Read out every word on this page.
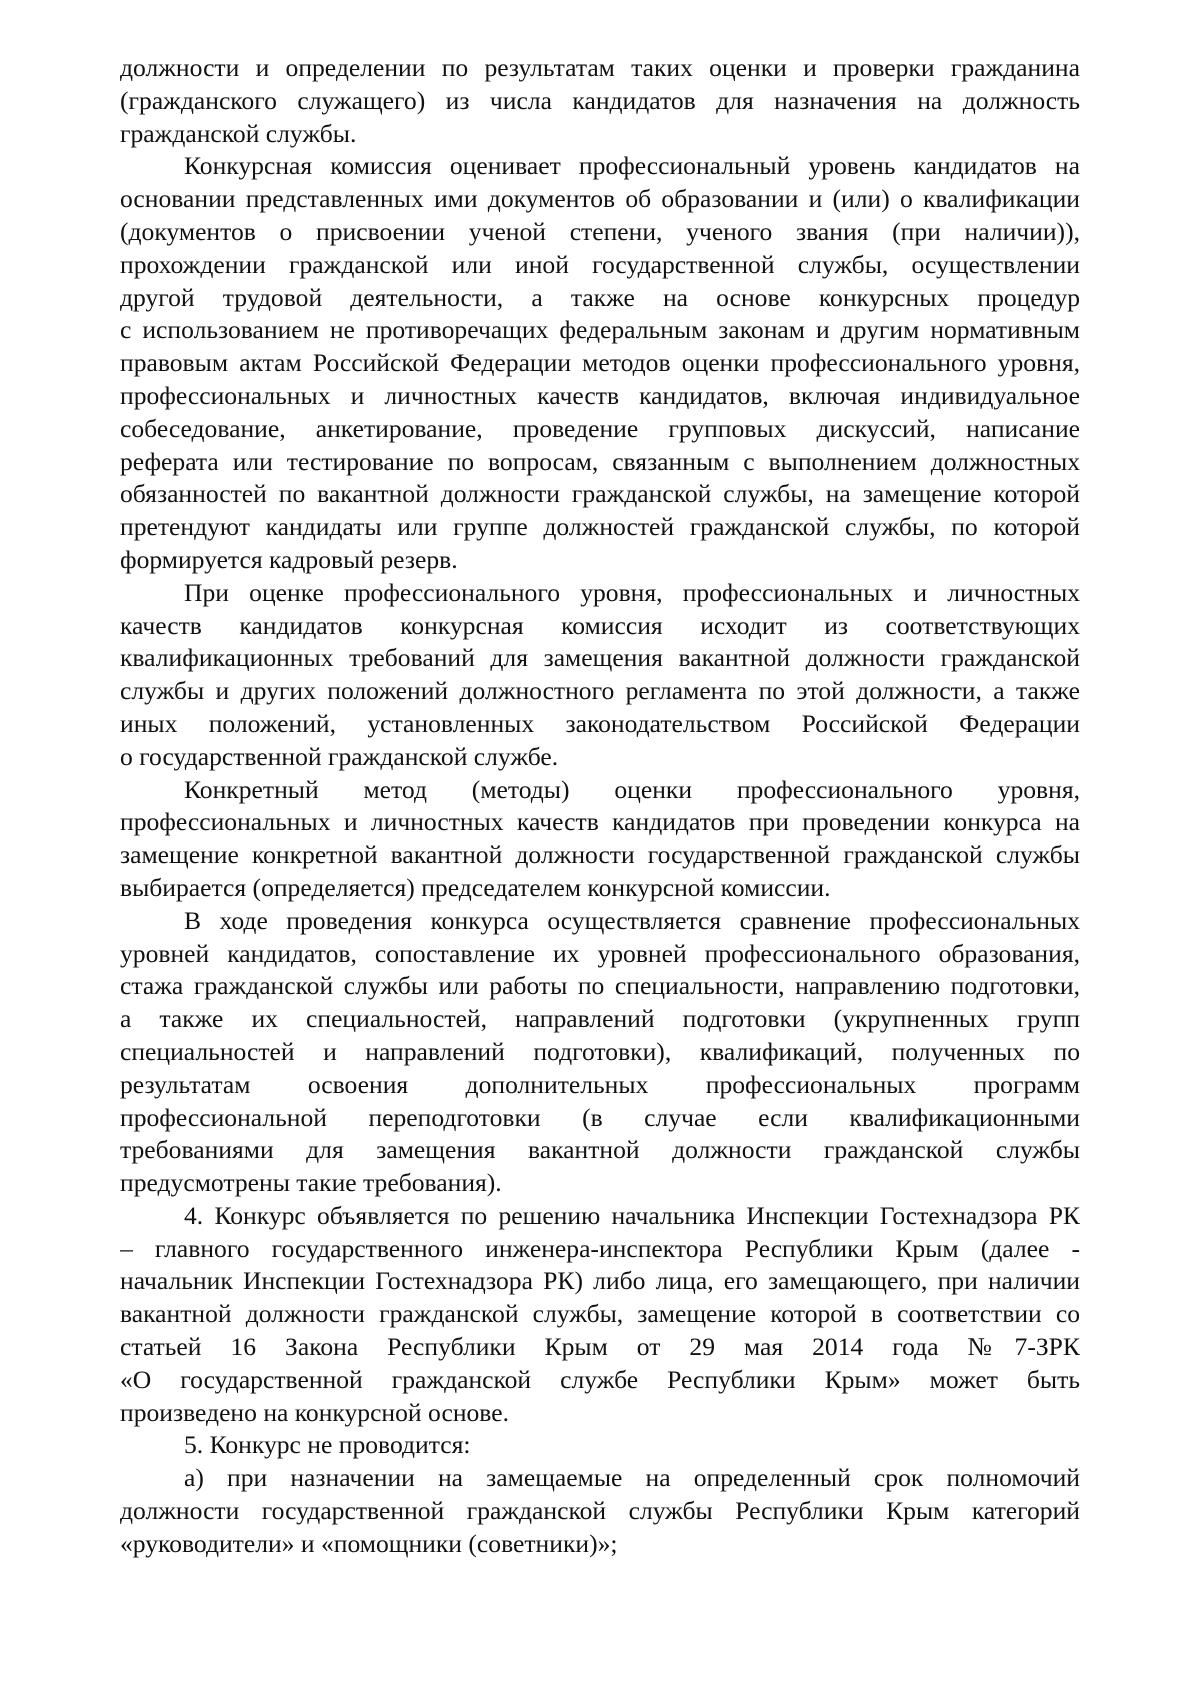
должности и определении по результатам таких оценки и проверки гражданина
(гражданского служащего) из числа кандидатов для назначения на должность
гражданской службы.
Конкурсная комиссия оценивает профессиональный уровень кандидатов на
основании представленных ими документов об образовании и (или) о квалификации
(документов о присвоении ученой степени, ученого звания (при наличии)),
прохождении гражданской или иной государственной службы, осуществлении
другой трудовой деятельности, а также на основе конкурсных процедур
с использованием не противоречащих федеральным законам и другим нормативным
правовым актам Российской Федерации методов оценки профессионального уровня,
профессиональных и личностных качеств кандидатов, включая индивидуальное
собеседование, анкетирование, проведение групповых дискуссий, написание
реферата или тестирование по вопросам, связанным с выполнением должностных
обязанностей по вакантной должности гражданской службы, на замещение которой
претендуют кандидаты или группе должностей гражданской службы, по которой
формируется кадровый резерв.
При оценке профессионального уровня, профессиональных и личностных
качеств кандидатов конкурсная комиссия исходит из соответствующих
квалификационных требований для замещения вакантной должности гражданской
службы и других положений должностного регламента по этой должности, а также
иных положений, установленных законодательством Российской Федерации
о государственной гражданской службе.
Конкретный метод (методы) оценки профессионального уровня,
профессиональных и личностных качеств кандидатов при проведении конкурса на
замещение конкретной вакантной должности государственной гражданской службы
выбирается (определяется) председателем конкурсной комиссии.
В ходе проведения конкурса осуществляется сравнение профессиональных
уровней кандидатов, сопоставление их уровней профессионального образования,
стажа гражданской службы или работы по специальности, направлению подготовки,
а также их специальностей, направлений подготовки (укрупненных групп
специальностей и направлений подготовки), квалификаций, полученных по
результатам освоения дополнительных профессиональных программ
профессиональной переподготовки (в случае если квалификационными
требованиями для замещения вакантной должности гражданской службы
предусмотрены такие требования).
4. Конкурс объявляется по решению начальника Инспекции Гостехнадзора РК
– главного государственного инженера-инспектора Республики Крым (далее -
начальник Инспекции Гостехнадзора РК) либо лица, его замещающего, при наличии
вакантной должности гражданской службы, замещение которой в соответствии со
статьей 16 Закона Республики Крым от 29 мая 2014 года №7-ЗРК
«О государственной гражданской службе Республики Крым» может быть
произведено на конкурсной основе.
5. Конкурс не проводится:
а) при назначении на замещаемые на определенный срок полномочий
должности государственной гражданской службы Республики Крым категорий
«руководители» и «помощники (советники)»;
